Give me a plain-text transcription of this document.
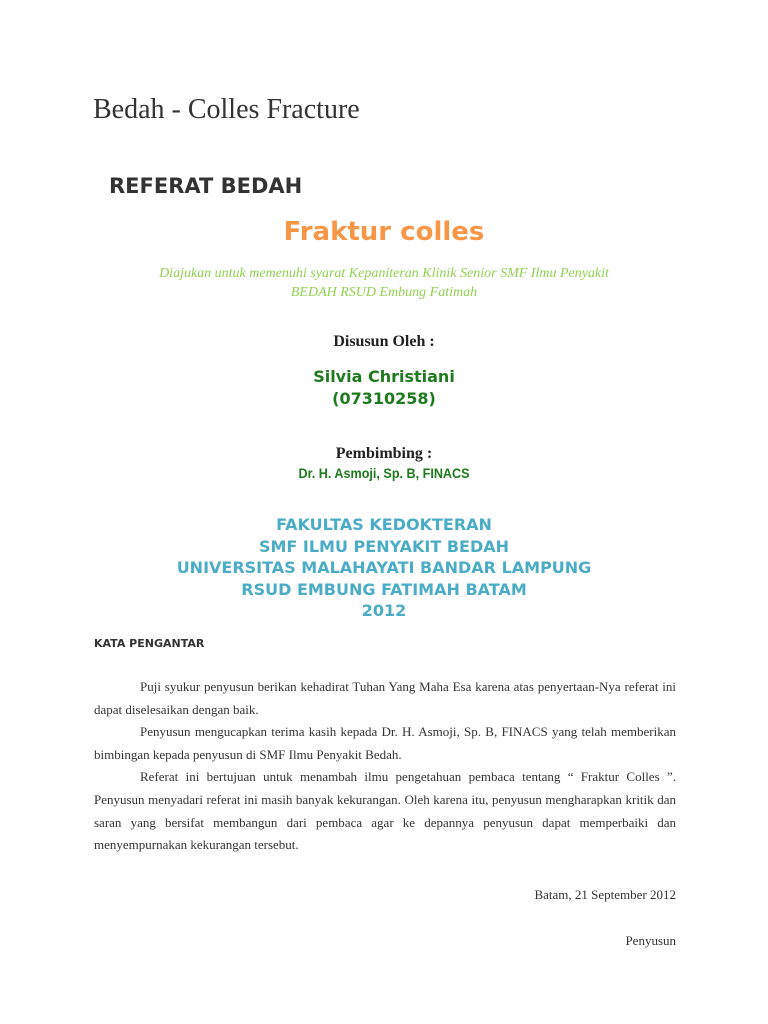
Bedah - Colles Fracture
REFERAT BEDAH
Fraktur colles
Diajukan untuk memenuhi syarat Kepaniteran Klinik Senior SMF Ilmu Penyakit
BEDAH RSUD Embung Fatimah
Disusun Oleh :
Silvia Christiani
(07310258)
Pembimbing :
Dr. H. Asmoji, Sp. B, FINACS
FAKULTAS KEDOKTERAN
SMF ILMU PENYAKIT BEDAH
UNIVERSITAS MALAHAYATI BANDAR LAMPUNG
RSUD EMBUNG FATIMAH BATAM
2012
KATA PENGANTAR

Puji syukur penyusun berikan kehadirat Tuhan Yang Maha Esa karena atas penyertaan-Nya referat ini dapat diselesaikan dengan baik.

Penyusun mengucapkan terima kasih kepada Dr. H. Asmoji, Sp. B, FINACS yang telah memberikan bimbingan kepada penyusun di SMF Ilmu Penyakit Bedah.

Referat ini bertujuan untuk menambah ilmu pengetahuan pembaca tentang “ Fraktur Colles ”. Penyusun menyadari referat ini masih banyak kekurangan. Oleh karena itu, penyusun mengharapkan kritik dan saran yang bersifat membangun dari pembaca agar ke depannya penyusun dapat memperbaiki dan menyempurnakan kekurangan tersebut.

Batam, 21 September 2012
Penyusun
